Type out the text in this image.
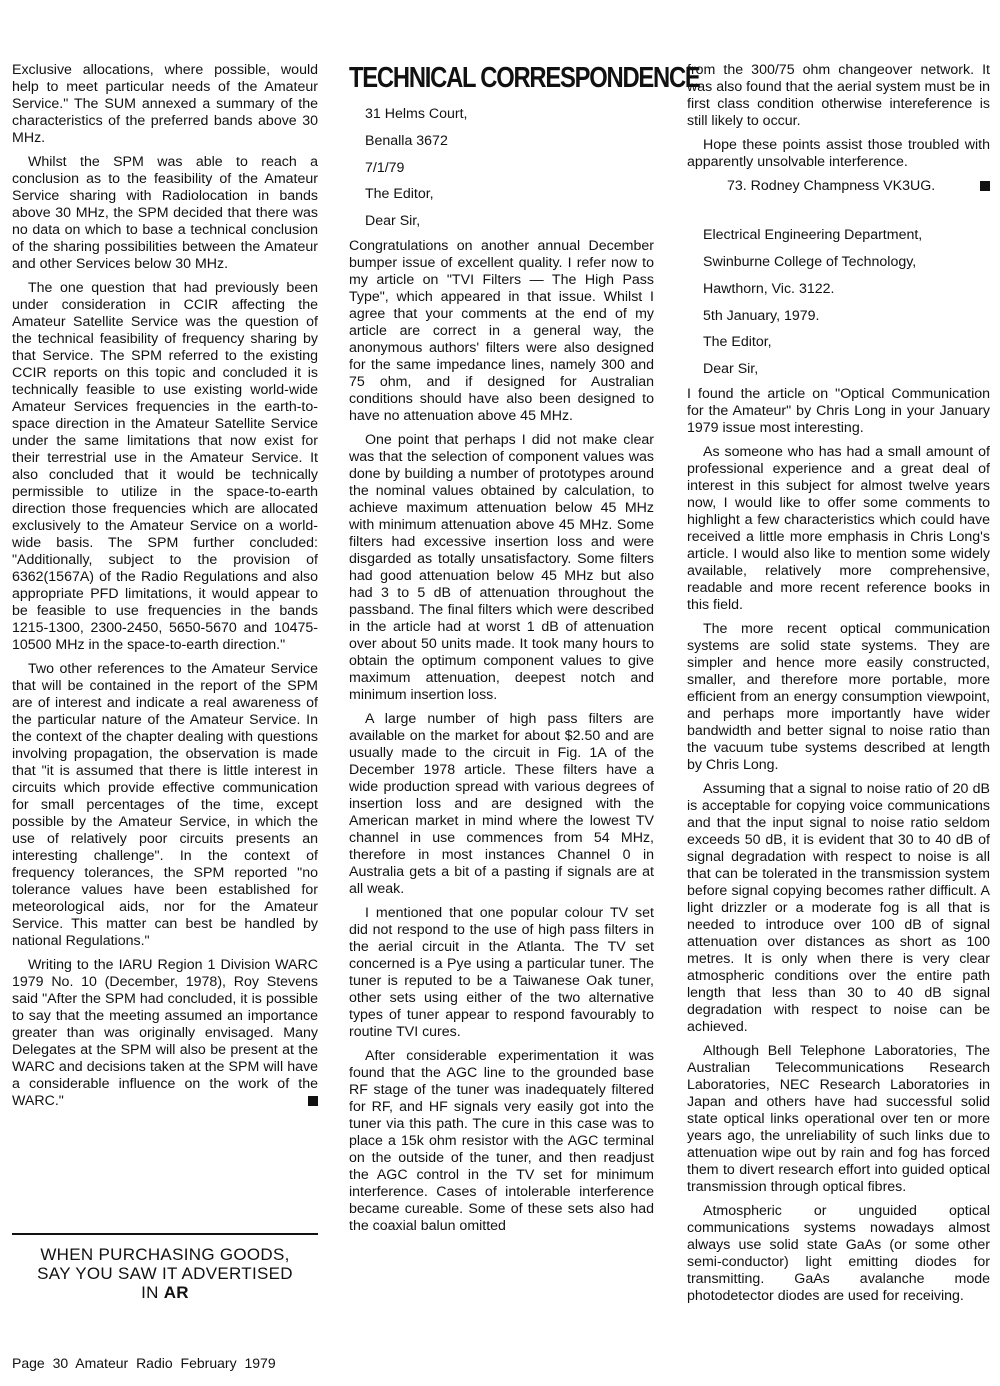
Exclusive allocations, where possible, would help to meet particular needs of the Amateur Service." The SUM annexed a summary of the characteristics of the preferred bands above 30 MHz.

Whilst the SPM was able to reach a conclusion as to the feasibility of the Amateur Service sharing with Radiolocation in bands above 30 MHz, the SPM decided that there was no data on which to base a technical conclusion of the sharing possibilities between the Amateur and other Services below 30 MHz.

The one question that had previously been under consideration in CCIR affecting the Amateur Satellite Service was the question of the technical feasibility of frequency sharing by that Service. The SPM referred to the existing CCIR reports on this topic and concluded it is technically feasible to use existing world-wide Amateur Services frequencies in the earth-to-space direction in the Amateur Satellite Service under the same limitations that now exist for their terrestrial use in the Amateur Service. It also concluded that it would be technically permissible to utilize in the space-to-earth direction those frequencies which are allocated exclusively to the Amateur Service on a world-wide basis. The SPM further concluded: "Additionally, subject to the provision of 6362(1567A) of the Radio Regulations and also appropriate PFD limitations, it would appear to be feasible to use frequencies in the bands 1215-1300, 2300-2450, 5650-5670 and 10475-10500 MHz in the space-to-earth direction."

Two other references to the Amateur Service that will be contained in the report of the SPM are of interest and indicate a real awareness of the particular nature of the Amateur Service. In the context of the chapter dealing with questions involving propagation, the observation is made that "it is assumed that there is little interest in circuits which provide effective communication for small percentages of the time, except possible by the Amateur Service, in which the use of relatively poor circuits presents an interesting challenge". In the context of frequency tolerances, the SPM reported "no tolerance values have been established for meteorological aids, nor for the Amateur Service. This matter can best be handled by national Regulations."

Writing to the IARU Region 1 Division WARC 1979 No. 10 (December, 1978), Roy Stevens said "After the SPM had concluded, it is possible to say that the meeting assumed an importance greater than was originally envisaged. Many Delegates at the SPM will also be present at the WARC and decisions taken at the SPM will have a considerable influence on the work of the WARC."

WHEN PURCHASING GOODS,
SAY YOU SAW IT ADVERTISED
IN AR
TECHNICAL CORRESPONDENCE

31 Helms Court,

Benalla 3672

7/1/79

The Editor,

Dear Sir,

Congratulations on another annual December bumper issue of excellent quality. I refer now to my article on "TVI Filters — The High Pass Type", which appeared in that issue. Whilst I agree that your comments at the end of my article are correct in a general way, the anonymous authors' filters were also designed for the same impedance lines, namely 300 and 75 ohm, and if designed for Australian conditions should have also been designed to have no attenuation above 45 MHz.

One point that perhaps I did not make clear was that the selection of component values was done by building a number of prototypes around the nominal values obtained by calculation, to achieve maximum attenuation below 45 MHz with minimum attenuation above 45 MHz. Some filters had excessive insertion loss and were disgarded as totally unsatisfactory. Some filters had good attenuation below 45 MHz but also had 3 to 5 dB of attenuation throughout the passband. The final filters which were described in the article had at worst 1 dB of attenuation over about 50 units made. It took many hours to obtain the optimum component values to give maximum attenuation, deepest notch and minimum insertion loss.

A large number of high pass filters are available on the market for about $2.50 and are usually made to the circuit in Fig. 1A of the December 1978 article. These filters have a wide production spread with various degrees of insertion loss and are designed with the American market in mind where the lowest TV channel in use commences from 54 MHz, therefore in most instances Channel 0 in Australia gets a bit of a pasting if signals are at all weak.

I mentioned that one popular colour TV set did not respond to the use of high pass filters in the aerial circuit in the Atlanta. The TV set concerned is a Pye using a particular tuner. The tuner is reputed to be a Taiwanese Oak tuner, other sets using either of the two alternative types of tuner appear to respond favourably to routine TVI cures.

After considerable experimentation it was found that the AGC line to the grounded base RF stage of the tuner was inadequately filtered for RF, and HF signals very easily got into the tuner via this path. The cure in this case was to place a 15k ohm resistor with the AGC terminal on the outside of the tuner, and then readjust the AGC control in the TV set for minimum interference. Cases of intolerable interference became cureable. Some of these sets also had the coaxial balun omitted

from the 300/75 ohm changeover network. It was also found that the aerial system must be in first class condition otherwise intereference is still likely to occur.

Hope these points assist those troubled with apparently unsolvable interference.

73. Rodney Champness VK3UG.

Electrical Engineering Department,

Swinburne College of Technology,

Hawthorn, Vic. 3122.

5th January, 1979.

The Editor,

Dear Sir,

I found the article on "Optical Communication for the Amateur" by Chris Long in your January 1979 issue most interesting.

As someone who has had a small amount of professional experience and a great deal of interest in this subject for almost twelve years now, I would like to offer some comments to highlight a few characteristics which could have received a little more emphasis in Chris Long's article. I would also like to mention some widely available, relatively more comprehensive, readable and more recent reference books in this field.

The more recent optical communication systems are solid state systems. They are simpler and hence more easily constructed, smaller, and therefore more portable, more efficient from an energy consumption viewpoint, and perhaps more importantly have wider bandwidth and better signal to noise ratio than the vacuum tube systems described at length by Chris Long.

Assuming that a signal to noise ratio of 20 dB is acceptable for copying voice communications and that the input signal to noise ratio seldom exceeds 50 dB, it is evident that 30 to 40 dB of signal degradation with respect to noise is all that can be tolerated in the transmission system before signal copying becomes rather difficult. A light drizzler or a moderate fog is all that is needed to introduce over 100 dB of signal attenuation over distances as short as 100 metres. It is only when there is very clear atmospheric conditions over the entire path length that less than 30 to 40 dB signal degradation with respect to noise can be achieved.

Although Bell Telephone Laboratories, The Australian Telecommunications Research Laboratories, NEC Research Laboratories in Japan and others have had successful solid state optical links operational over ten or more years ago, the unreliability of such links due to attenuation wipe out by rain and fog has forced them to divert research effort into guided optical transmission through optical fibres.

Atmospheric or unguided optical communications systems nowadays almost always use solid state GaAs (or some other semi-conductor) light emitting diodes for transmitting. GaAs avalanche mode photodetector diodes are used for receiving.

Page 30 Amateur Radio February 1979
